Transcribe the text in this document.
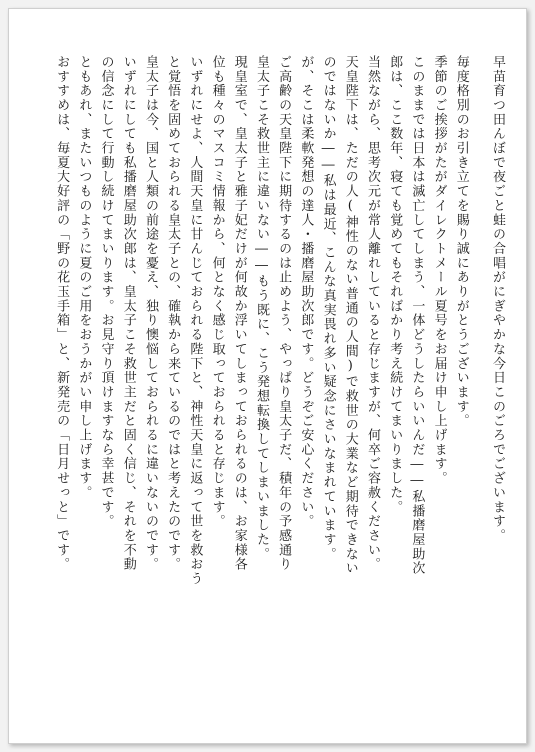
早苗育つ田んぼで夜ごと蛙の合唱がにぎやかな今日このごろでございます。
毎度格別のお引き立てを賜り誠にありがとうございます。
季節のご挨拶がたがダイレクトメール夏号をお届け申し上げます。
このままでは日本は滅亡してしまう、一体どうしたらいいんだ――私播磨屋助次
郎は、ここ数年、寝ても覚めてもそればかり考え続けてまいりました。
当然ながら、思考次元が常人離れしていると存じますが、何卒ご容赦ください。
天皇陛下は、ただの人(神性のない普通の人間)で救世の大業など期待できない
のではないか――私は最近、こんな真実畏れ多い疑念にさいなまれています。
が、そこは柔軟発想の達人・播磨屋助次郎です。どうぞご安心ください。
ご高齢の天皇陛下に期待するのは止めよう、やっぱり皇太子だ、積年の予感通り
皇太子こそ救世主に違いない――もう既に、こう発想転換してしまいました。
現皇室で、皇太子と雅子妃だけが何故か浮いてしまっておられるのは、お家様各
位も種々のマスコミ情報から、何となく感じ取っておられると存じます。
いずれにせよ、人間天皇に甘んじておられる陛下と、神性天皇に返って世を救おう
と覚悟を固めておられる皇太子との、確執から来ているのではと考えたのです。
皇太子は今、国と人類の前途を憂え、独り懊悩しておられるに違いないのです。
いずれにしても私播磨屋助次郎は、皇太子こそ救世主だと固く信じ、それを不動
の信念にして行動し続けてまいります。お見守り頂けますなら幸甚です。
ともあれ、またいつものように夏のご用をおうかがい申し上げます。
おすすめは、毎夏大好評の「野の花玉手箱」と、新発売の「日月せっと」です。
